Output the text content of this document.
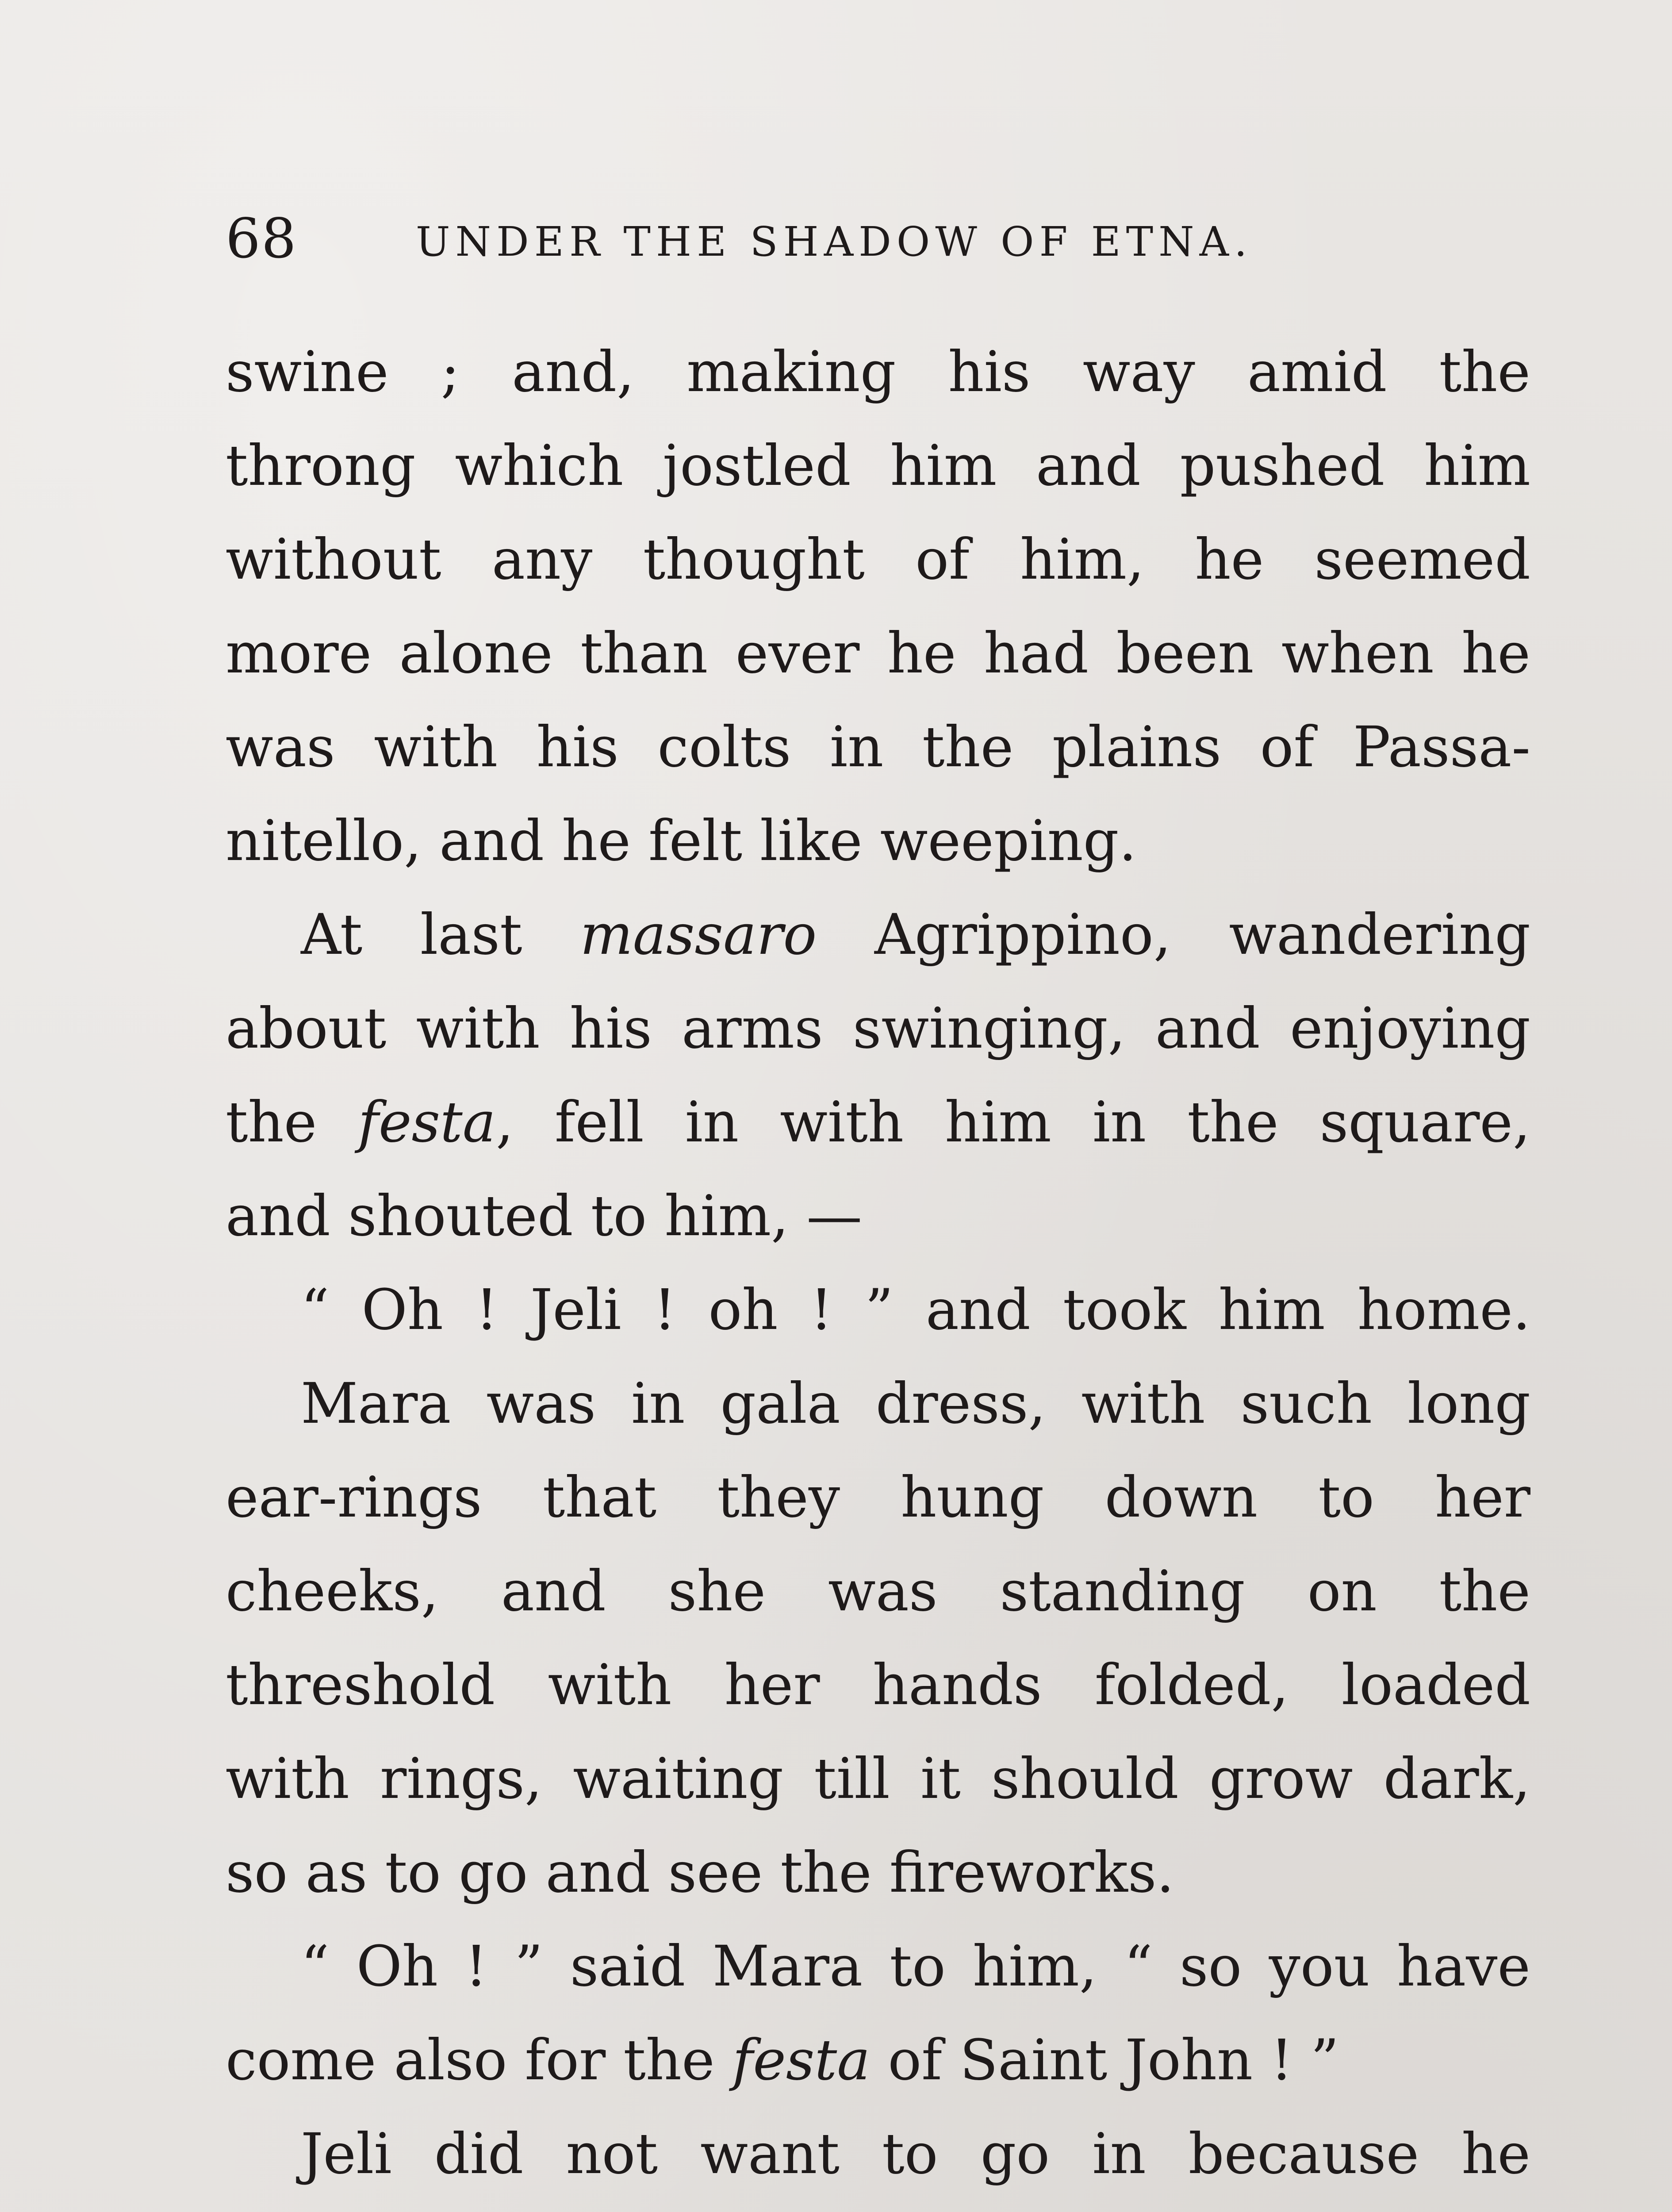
68	UNDER THE SHADOW OF ETNA.
swine ; and, making his way amid the
throng which jostled him and pushed him
without any thought of him, he seemed
more alone than ever he had been when he
was with his colts in the plains of Passa-
nitello, and he felt like weeping.
At last massaro Agrippino, wandering
about with his arms swinging, and enjoying
the festa, fell in with him in the square,
and shouted to him, —
“ Oh ! Jeli ! oh ! ” and took him home.
Mara was in gala dress, with such long
ear-rings that they hung down to her
cheeks, and she was standing on the
threshold with her hands folded, loaded
with rings, waiting till it should grow dark,
so as to go and see the fireworks.
“ Oh ! ” said Mara to him, “ so you have
come also for the festa of Saint John ! ”
Jeli did not want to go in because he
